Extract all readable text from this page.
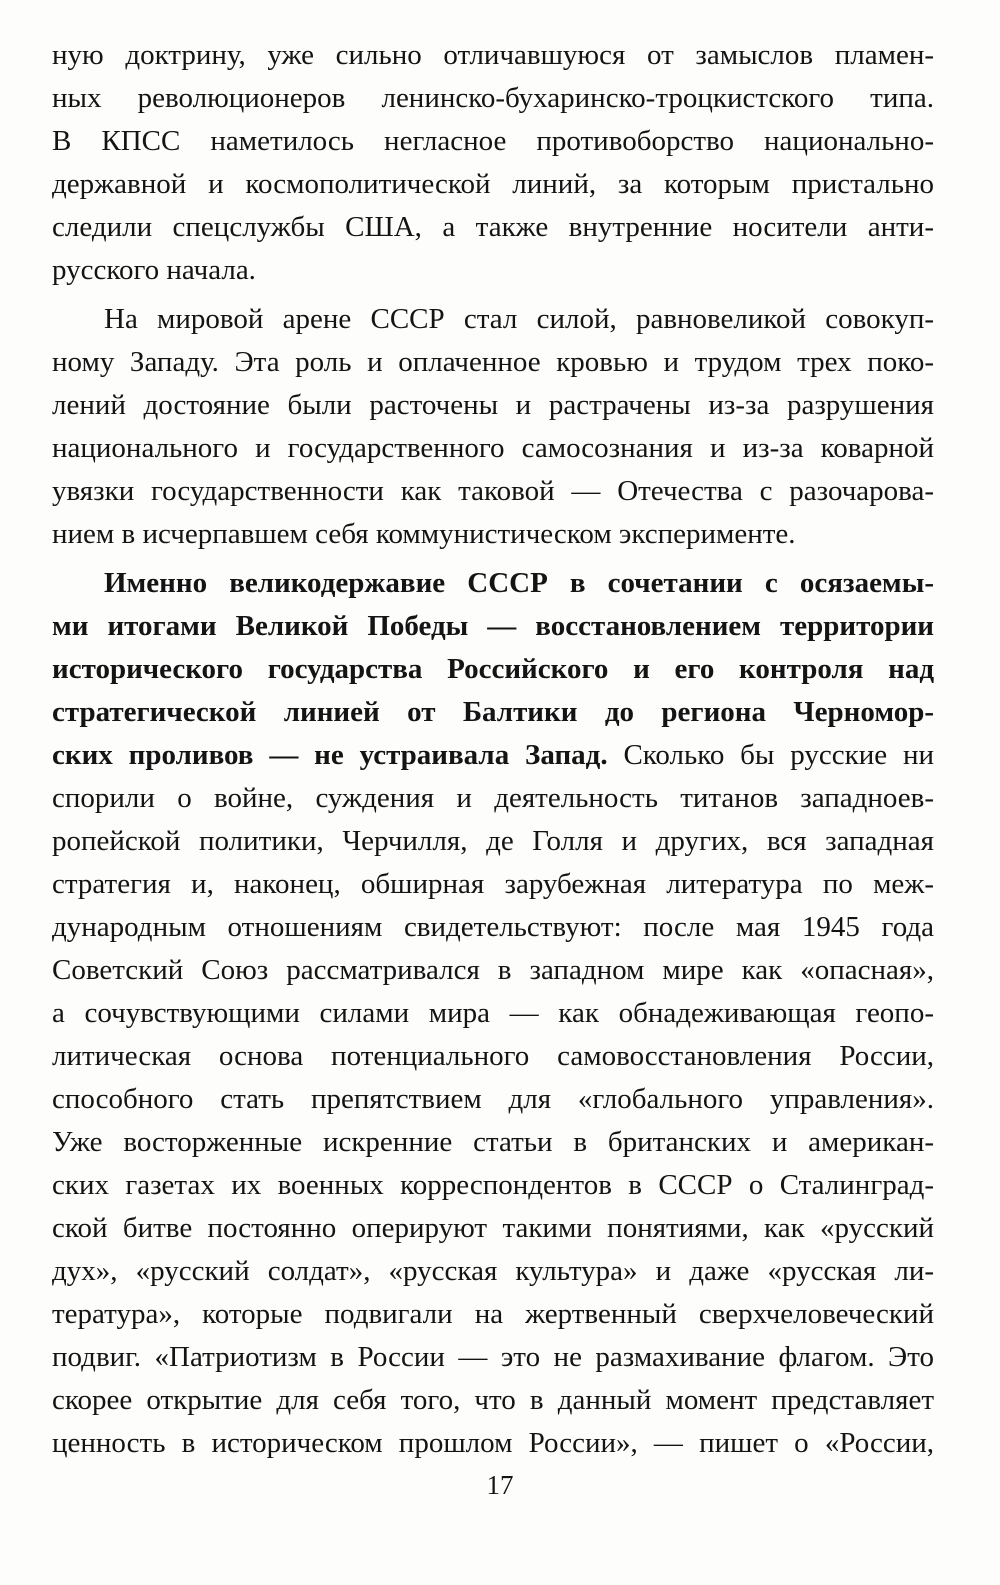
ную доктрину, уже сильно отличавшуюся от замыслов пламен-
ных революционеров ленинско-бухаринско-троцкистского типа.
В КПСС наметилось негласное противоборство национально-
державной и космополитической линий, за которым пристально
следили спецслужбы США, а также внутренние носители анти-
русского начала.
На мировой арене СССР стал силой, равновеликой совокуп-
ному Западу. Эта роль и оплаченное кровью и трудом трех поко-
лений достояние были расточены и растрачены из-за разрушения
национального и государственного самосознания и из-за коварной
увязки государственности как таковой — Отечества с разочарова-
нием в исчерпавшем себя коммунистическом эксперименте.
Именно великодержавие СССР в сочетании с осязаемы-
ми итогами Великой Победы — восстановлением территории
исторического государства Российского и его контроля над
стратегической линией от Балтики до региона Черномор-
ских проливов — не устраивала Запад. Сколько бы русские ни
спорили о войне, суждения и деятельность титанов западноев-
ропейской политики, Черчилля, де Голля и других, вся западная
стратегия и, наконец, обширная зарубежная литература по меж-
дународным отношениям свидетельствуют: после мая 1945 года
Советский Союз рассматривался в западном мире как «опасная»,
а сочувствующими силами мира — как обнадеживающая геопо-
литическая основа потенциального самовосстановления России,
способного стать препятствием для «глобального управления».
Уже восторженные искренние статьи в британских и американ-
ских газетах их военных корреспондентов в СССР о Сталинград-
ской битве постоянно оперируют такими понятиями, как «русский
дух», «русский солдат», «русская культура» и даже «русская ли-
тература», которые подвигали на жертвенный сверхчеловеческий
подвиг. «Патриотизм в России — это не размахивание флагом. Это
скорее открытие для себя того, что в данный момент представляет
ценность в историческом прошлом России», — пишет о «России,
17
